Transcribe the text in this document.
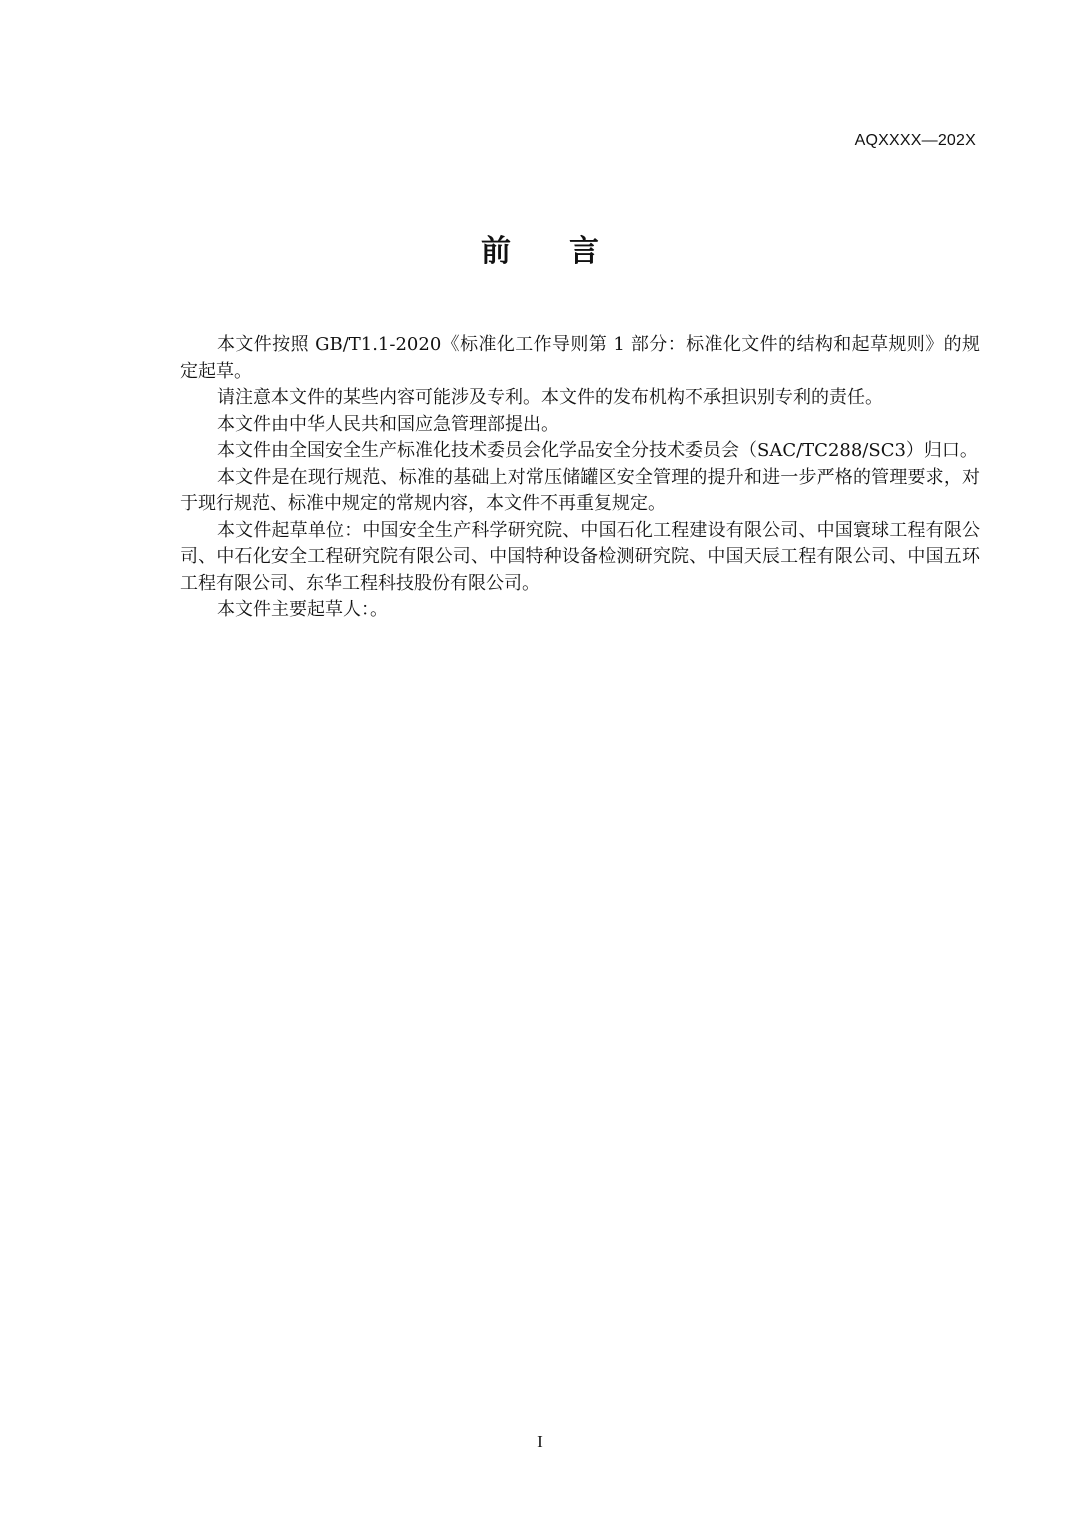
AQXXXX—202X
前言

本文件按照 GB/T1.1-2020《标准化工作导则第 1 部分：标准化文件的结构和起草规则》的规定起草。

请注意本文件的某些内容可能涉及专利。本文件的发布机构不承担识别专利的责任。

本文件由中华人民共和国应急管理部提出。

本文件由全国安全生产标准化技术委员会化学品安全分技术委员会（SAC/TC288/SC3）归口。

本文件是在现行规范、标准的基础上对常压储罐区安全管理的提升和进一步严格的管理要求，对于现行规范、标准中规定的常规内容，本文件不再重复规定。

本文件起草单位：中国安全生产科学研究院、中国石化工程建设有限公司、中国寰球工程有限公司、中石化安全工程研究院有限公司、中国特种设备检测研究院、中国天辰工程有限公司、中国五环工程有限公司、东华工程科技股份有限公司。

本文件主要起草人：。

I
